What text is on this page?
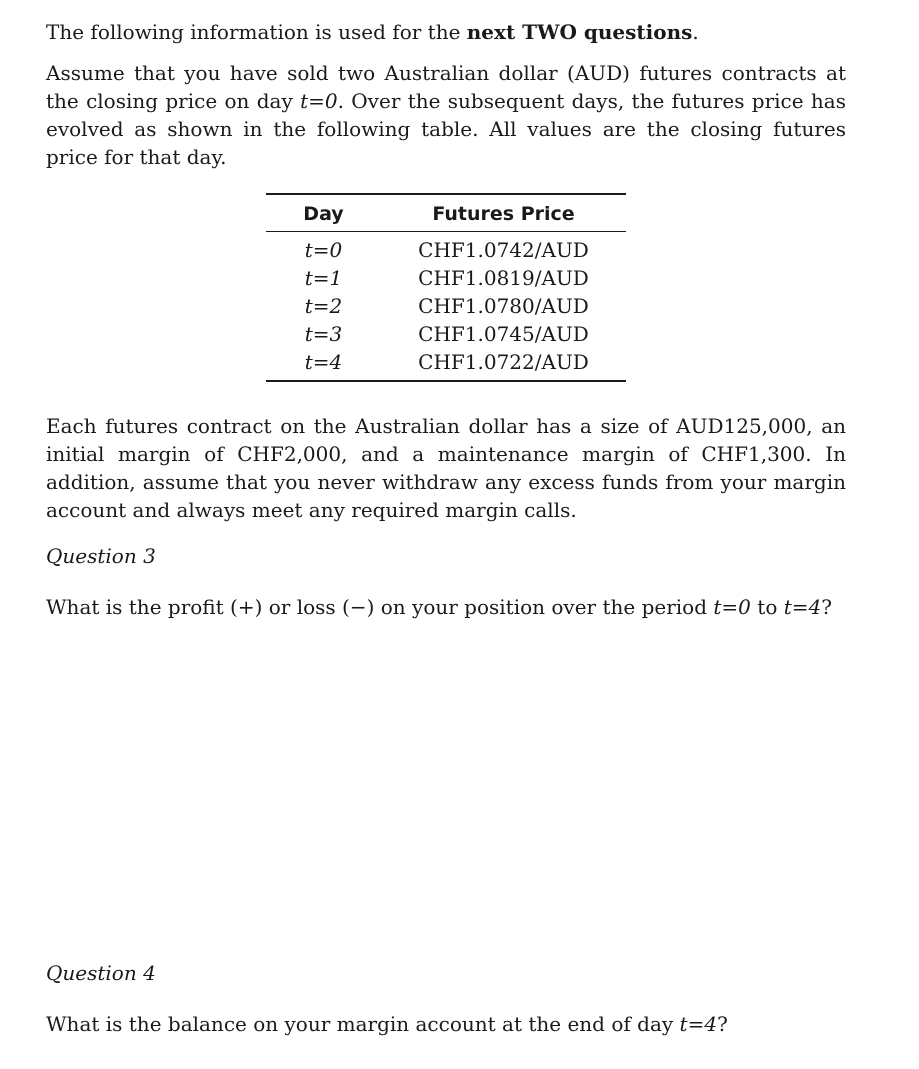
The following information is used for the next TWO questions.

Assume that you have sold two Australian dollar (AUD) futures contracts at the closing price on day t=0. Over the subsequent days, the futures price has evolved as shown in the following table. All values are the closing futures price for that day.

Day	Futures Price
t=0	CHF1.0742/AUD
t=1	CHF1.0819/AUD
t=2	CHF1.0780/AUD
t=3	CHF1.0745/AUD
t=4	CHF1.0722/AUD

Each futures contract on the Australian dollar has a size of AUD125,000, an initial margin of CHF2,000, and a maintenance margin of CHF1,300. In addition, assume that you never withdraw any excess funds from your margin account and always meet any required margin calls.

Question 3

What is the profit (+) or loss (−) on your position over the period t=0 to t=4?

Question 4

What is the balance on your margin account at the end of day t=4?
